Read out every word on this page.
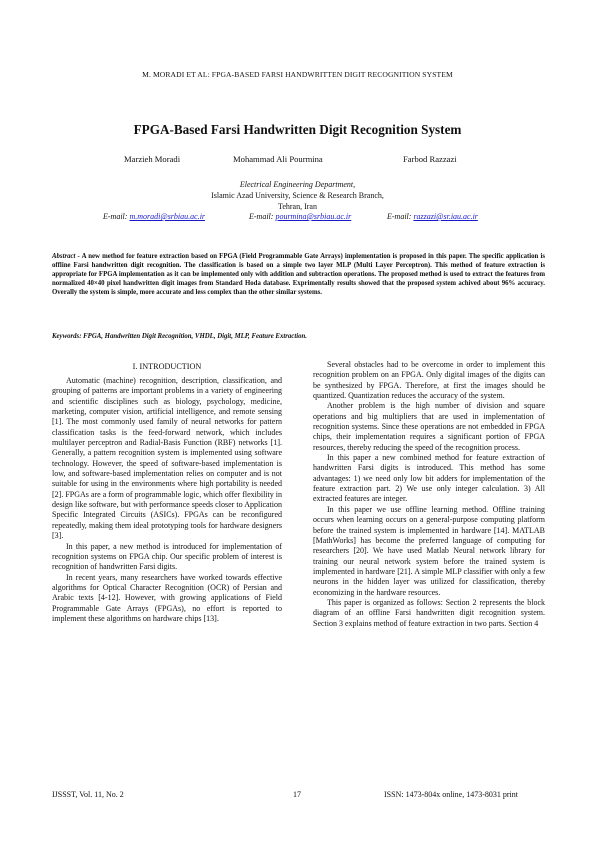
M. MORADI ET AL: FPGA-BASED FARSI HANDWRITTEN DIGIT RECOGNITION SYSTEM
FPGA-Based Farsi Handwritten Digit Recognition System
Marzieh Moradi	Mohammad Ali Pourmina	Farbod Razzazi
Electrical Engineering Department,
Islamic Azad University, Science & Research Branch,
Tehran, Iran
E-mail: m.moradi@srbiau.ac.ir	E-mail: pourmina@srbiau.ac.ir	E-mail: razzazi@sr.iau.ac.ir
Abstract - A new method for feature extraction based on FPGA (Field Programmable Gate Arrays) implementation is proposed in this paper. The specific application is offline Farsi handwritten digit recognition. The classification is based on a simple two layer MLP (Multi Layer Perceptron). This method of feature extraction is appropriate for FPGA implementation as it can be implemented only with addition and subtraction operations. The proposed method is used to extract the features from normalized 40×40 pixel handwritten digit images from Standard Hoda database. Exprimentally results showed that the proposed system achived about 96% accuracy. Overally the system is simple, more accurate and less complex than the other similar systems.
Keywords: FPGA, Handwritten Digit Recognition, VHDL, Digit, MLP, Feature Extraction.
I. INTRODUCTION

Automatic (machine) recognition, description, classification, and grouping of patterns are important problems in a variety of engineering and scientific disciplines such as biology, psychology, medicine, marketing, computer vision, artificial intelligence, and remote sensing [1]. The most commonly used family of neural networks for pattern classification tasks is the feed-forward network, which includes multilayer perceptron and Radial-Basis Function (RBF) networks [1]. Generally, a pattern recognition system is implemented using software technology. However, the speed of software-based implementation is low, and software-based implementation relies on computer and is not suitable for using in the environments where high portability is needed [2]. FPGAs are a form of programmable logic, which offer flexibility in design like software, but with performance speeds closer to Application Specific Integrated Circuits (ASICs). FPGAs can be reconfigured repeatedly, making them ideal prototyping tools for hardware designers [3].

In this paper, a new method is introduced for implementation of recognition systems on FPGA chip. Our specific problem of interest is recognition of handwritten Farsi digits.

In recent years, many researchers have worked towards effective algorithms for Optical Character Recognition (OCR) of Persian and Arabic texts [4-12]. However, with growing applications of Field Programmable Gate Arrays (FPGAs), no effort is reported to implement these algorithms on hardware chips [13].

Several obstacles had to be overcome in order to implement this recognition problem on an FPGA. Only digital images of the digits can be synthesized by FPGA. Therefore, at first the images should be quantized. Quantization reduces the accuracy of the system.

Another problem is the high number of division and square operations and big multipliers that are used in implementation of recognition systems. Since these operations are not embedded in FPGA chips, their implementation requires a significant portion of FPGA resources, thereby reducing the speed of the recognition process.

In this paper a new combined method for feature extraction of handwritten Farsi digits is introduced. This method has some advantages: 1) we need only low bit adders for implementation of the feature extraction part. 2) We use only integer calculation. 3) All extracted features are integer.

In this paper we use offline learning method. Offline training occurs when learning occurs on a general-purpose computing platform before the trained system is implemented in hardware [14]. MATLAB [MathWorks] has become the preferred language of computing for researchers [20]. We have used Matlab Neural network library for training our neural network system before the trained system is implemented in hardware [21]. A simple MLP classifier with only a few neurons in the hidden layer was utilized for classification, thereby economizing in the hardware resources.

This paper is organized as follows: Section 2 represents the block diagram of an offline Farsi handwritten digit recognition system. Section 3 explains method of feature extraction in two parts. Section 4

IJSSST, Vol. 11, No. 2	17	ISSN: 1473-804x online, 1473-8031 print
